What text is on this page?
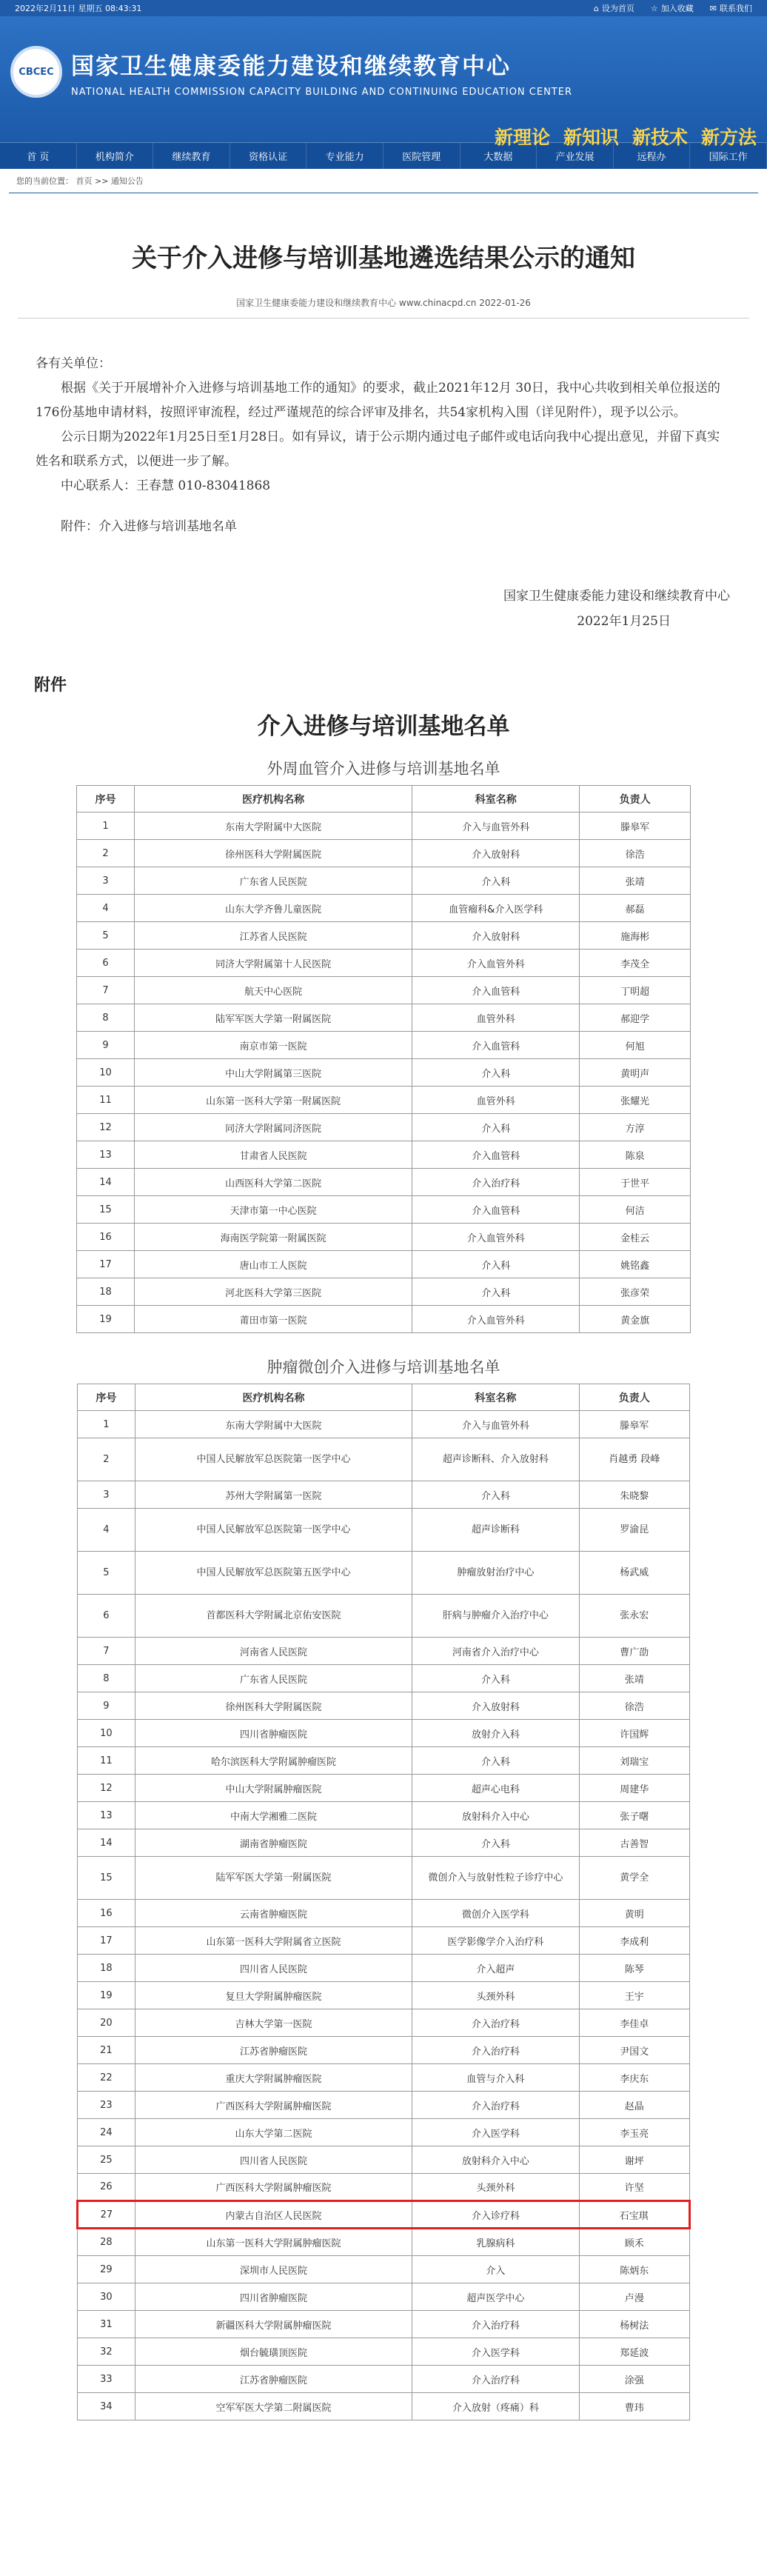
2022年2月11日 星期五 08:43:31	⌂ 设为首页 ☆ 加入收藏 ✉ 联系我们
CBCEC 国家卫生健康委能力建设和继续教育中心
NATIONAL HEALTH COMMISSION CAPACITY BUILDING AND CONTINUING EDUCATION CENTER
新理论 新知识 新技术 新方法
首 页	机构简介	继续教育	资格认证	专业能力	医院管理	大数据	产业发展	远程办	国际工作
您的当前位置： 首页 >> 通知公告
关于介入进修与培训基地遴选结果公示的通知
国家卫生健康委能力建设和继续教育中心 www.chinacpd.cn 2022-01-26
各有关单位：

根据《关于开展增补介入进修与培训基地工作的通知》的要求，截止2021年12月 30日，我中心共收到相关单位报送的176份基地申请材料，按照评审流程，经过严谨规范的综合评审及排名，共54家机构入围（详见附件），现予以公示。

公示日期为2022年1月25日至1月28日。如有异议，请于公示期内通过电子邮件或电话向我中心提出意见，并留下真实姓名和联系方式，以便进一步了解。

中心联系人：王春慧 010-83041868

附件：介入进修与培训基地名单

国家卫生健康委能力建设和继续教育中心
2022年1月25日
附件
介入进修与培训基地名单
外周血管介入进修与培训基地名单
序号	医疗机构名称	科室名称	负责人
1	东南大学附属中大医院	介入与血管外科	滕皋军
2	徐州医科大学附属医院	介入放射科	徐浩
3	广东省人民医院	介入科	张靖
4	山东大学齐鲁儿童医院	血管瘤科&介入医学科	郝磊
5	江苏省人民医院	介入放射科	施海彬
6	同济大学附属第十人民医院	介入血管外科	李茂全
7	航天中心医院	介入血管科	丁明超
8	陆军军医大学第一附属医院	血管外科	郝迎学
9	南京市第一医院	介入血管科	何旭
10	中山大学附属第三医院	介入科	黄明声
11	山东第一医科大学第一附属医院	血管外科	张耀光
12	同济大学附属同济医院	介入科	方淳
13	甘肃省人民医院	介入血管科	陈泉
14	山西医科大学第二医院	介入治疗科	于世平
15	天津市第一中心医院	介入血管科	何洁
16	海南医学院第一附属医院	介入血管外科	金桂云
17	唐山市工人医院	介入科	姚铭鑫
18	河北医科大学第三医院	介入科	张彦荣
19	莆田市第一医院	介入血管外科	黄金旗
肿瘤微创介入进修与培训基地名单
序号	医疗机构名称	科室名称	负责人
1	东南大学附属中大医院	介入与血管外科	滕皋军
2	中国人民解放军总医院第一医学中心	超声诊断科、介入放射科	肖越勇 段峰
3	苏州大学附属第一医院	介入科	朱晓黎
4	中国人民解放军总医院第一医学中心	超声诊断科	罗渝昆
5	中国人民解放军总医院第五医学中心	肿瘤放射治疗中心	杨武威
6	首都医科大学附属北京佑安医院	肝病与肿瘤介入治疗中心	张永宏
7	河南省人民医院	河南省介入治疗中心	曹广劭
8	广东省人民医院	介入科	张靖
9	徐州医科大学附属医院	介入放射科	徐浩
10	四川省肿瘤医院	放射介入科	许国辉
11	哈尔滨医科大学附属肿瘤医院	介入科	刘瑞宝
12	中山大学附属肿瘤医院	超声心电科	周建华
13	中南大学湘雅二医院	放射科介入中心	张子曙
14	湖南省肿瘤医院	介入科	古善智
15	陆军军医大学第一附属医院	微创介入与放射性粒子诊疗中心	黄学全
16	云南省肿瘤医院	微创介入医学科	黄明
17	山东第一医科大学附属省立医院	医学影像学介入治疗科	李成利
18	四川省人民医院	介入超声	陈琴
19	复旦大学附属肿瘤医院	头颈外科	王宇
20	吉林大学第一医院	介入治疗科	李佳卓
21	江苏省肿瘤医院	介入治疗科	尹国文
22	重庆大学附属肿瘤医院	血管与介入科	李庆东
23	广西医科大学附属肿瘤医院	介入治疗科	赵晶
24	山东大学第二医院	介入医学科	李玉亮
25	四川省人民医院	放射科介入中心	谢坪
26	广西医科大学附属肿瘤医院	头颈外科	许坚
27	内蒙古自治区人民医院	介入诊疗科	石宝琪
28	山东第一医科大学附属肿瘤医院	乳腺病科	顾禾
29	深圳市人民医院	介入	陈炳东
30	四川省肿瘤医院	超声医学中心	卢漫
31	新疆医科大学附属肿瘤医院	介入治疗科	杨树法
32	烟台毓璜顶医院	介入医学科	郑延波
33	江苏省肿瘤医院	介入治疗科	涂强
34	空军军医大学第二附属医院	介入放射（疼痛）科	曹玮
